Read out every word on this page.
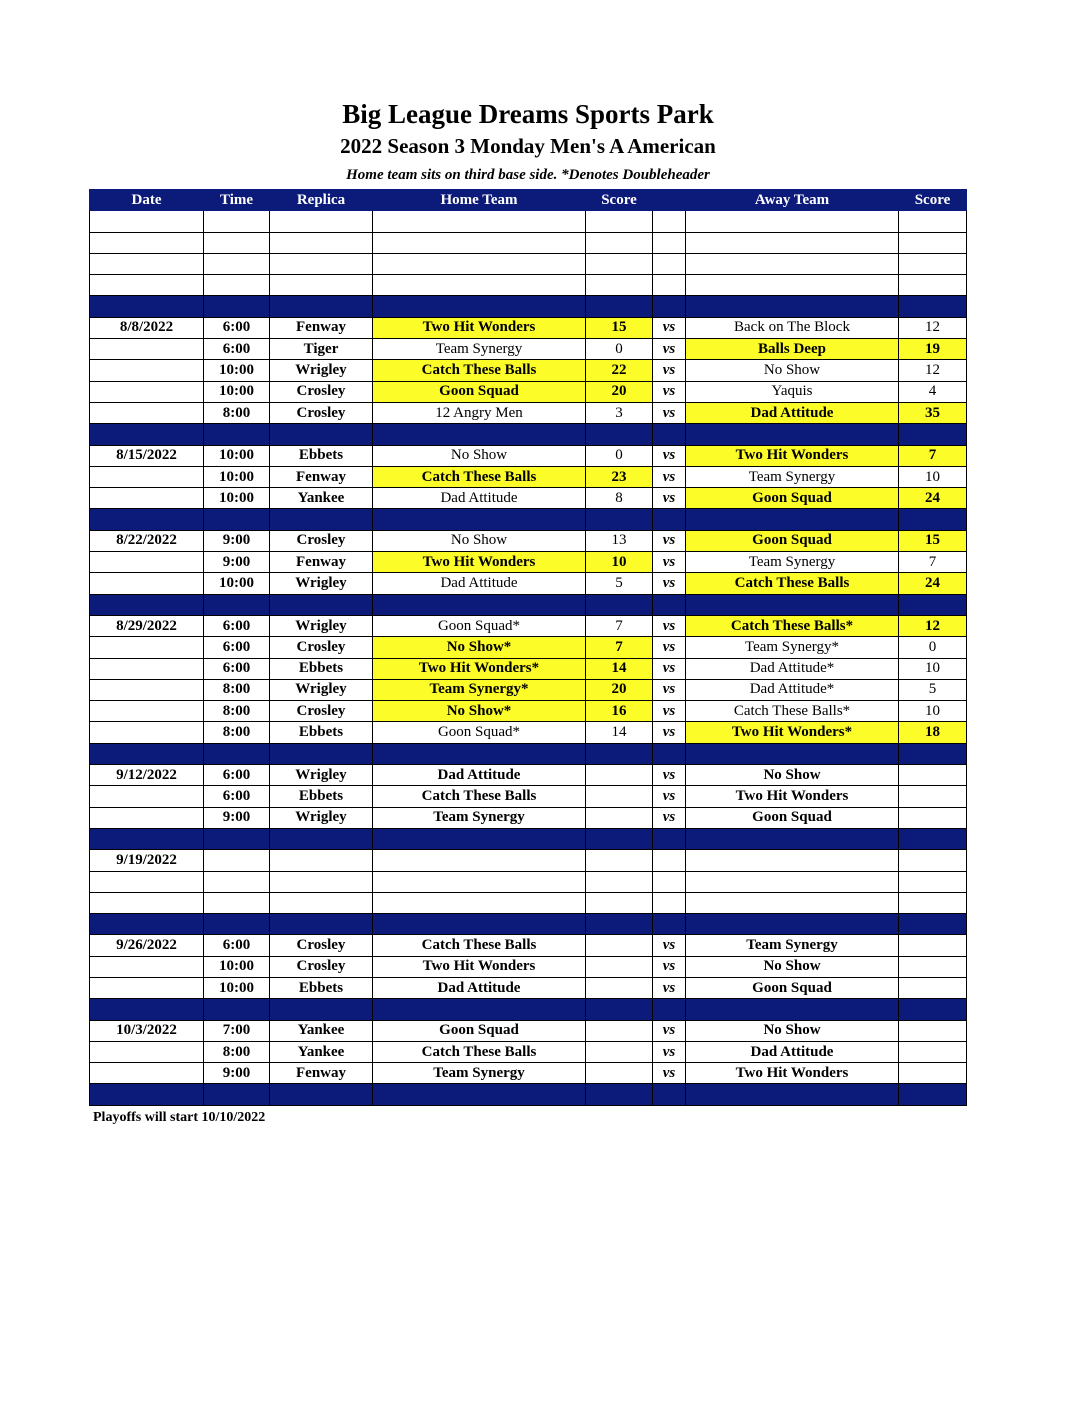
Big League Dreams Sports Park
2022 Season 3 Monday Men's A American
Home team sits on third base side. *Denotes Doubleheader
Date	Time	Replica	Home Team	Score		Away Team	Score

8/8/2022	6:00	Fenway	Two Hit Wonders	15	vs	Back on The Block	12
	6:00	Tiger	Team Synergy	0	vs	Balls Deep	19
	10:00	Wrigley	Catch These Balls	22	vs	No Show	12
	10:00	Crosley	Goon Squad	20	vs	Yaquis	4
	8:00	Crosley	12 Angry Men	3	vs	Dad Attitude	35

8/15/2022	10:00	Ebbets	No Show	0	vs	Two Hit Wonders	7
	10:00	Fenway	Catch These Balls	23	vs	Team Synergy	10
	10:00	Yankee	Dad Attitude	8	vs	Goon Squad	24

8/22/2022	9:00	Crosley	No Show	13	vs	Goon Squad	15
	9:00	Fenway	Two Hit Wonders	10	vs	Team Synergy	7
	10:00	Wrigley	Dad Attitude	5	vs	Catch These Balls	24

8/29/2022	6:00	Wrigley	Goon Squad*	7	vs	Catch These Balls*	12
	6:00	Crosley	No Show*	7	vs	Team Synergy*	0
	6:00	Ebbets	Two Hit Wonders*	14	vs	Dad Attitude*	10
	8:00	Wrigley	Team Synergy*	20	vs	Dad Attitude*	5
	8:00	Crosley	No Show*	16	vs	Catch These Balls*	10
	8:00	Ebbets	Goon Squad*	14	vs	Two Hit Wonders*	18

9/12/2022	6:00	Wrigley	Dad Attitude		vs	No Show	
	6:00	Ebbets	Catch These Balls		vs	Two Hit Wonders	
	9:00	Wrigley	Team Synergy		vs	Goon Squad	

9/19/2022							

9/26/2022	6:00	Crosley	Catch These Balls		vs	Team Synergy	
	10:00	Crosley	Two Hit Wonders		vs	No Show	
	10:00	Ebbets	Dad Attitude		vs	Goon Squad	

10/3/2022	7:00	Yankee	Goon Squad		vs	No Show	
	8:00	Yankee	Catch These Balls		vs	Dad Attitude	
	9:00	Fenway	Team Synergy		vs	Two Hit Wonders	

Playoffs will start 10/10/2022
